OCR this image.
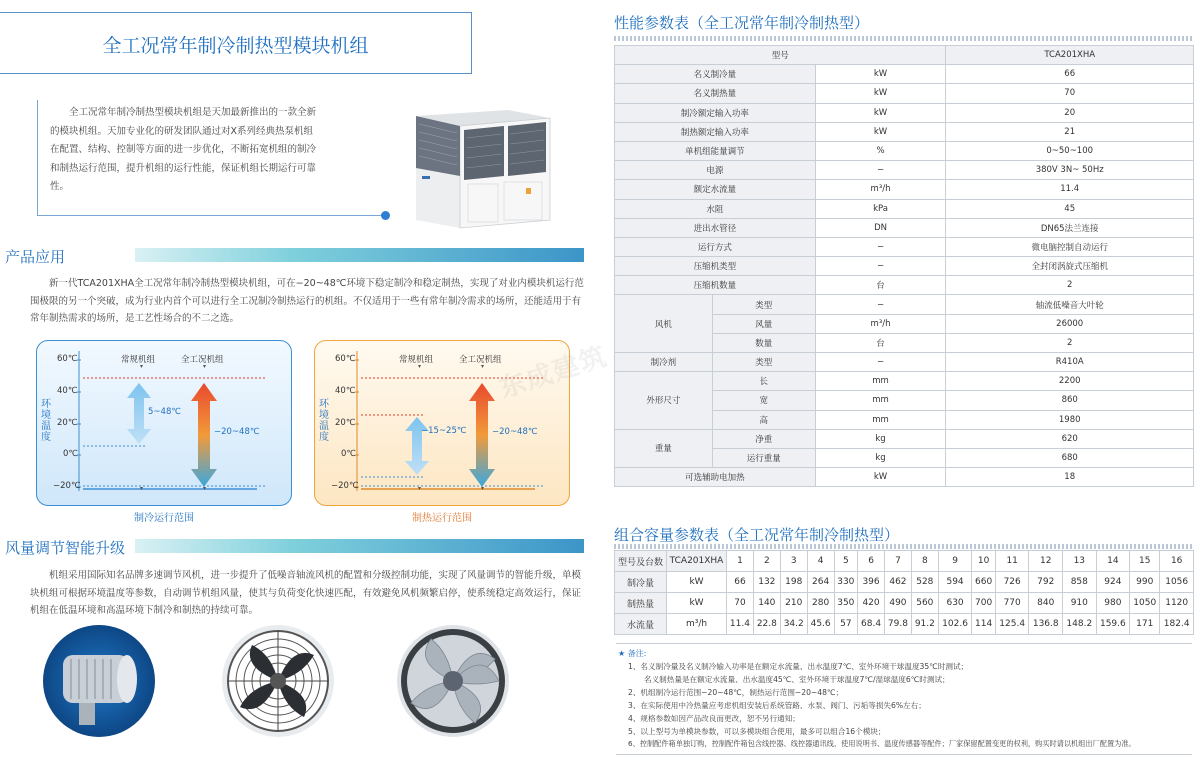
全工况常年制冷制热型模块机组
全工况常年制冷制热型模块机组是天加最新推出的一款全新的模块机组。天加专业化的研发团队通过对X系列经典热泵机组在配置、结构、控制等方面的进一步优化，不断拓宽机组的制冷和制热运行范围，提升机组的运行性能，保证机组长期运行可靠性。
产品应用
新一代TCA201XHA全工况常年制冷制热型模块机组，可在−20~48℃环境下稳定制冷和稳定制热，实现了对业内模块机运行范围极限的另一个突破，成为行业内首个可以进行全工况制冷制热运行的机组。不仅适用于一些有常年制冷需求的场所，还能适用于有常年制热需求的场所，是工艺性场合的不二之选。
60℃
40℃
20℃
0℃
−20℃
环境温度
常规机组	全工况机组
5~48℃
−20~48℃
制冷运行范围
60℃
40℃
20℃
0℃
−20℃
环境温度
常规机组	全工况机组
−15~25℃	−20~48℃
制热运行范围
风量调节智能升级
机组采用国际知名品牌多速调节风机，进一步提升了低噪音轴流风机的配置和分级控制功能，实现了风量调节的智能升级，单模块机组可根据环境温度等参数，自动调节机组风量，使其与负荷变化快速匹配，有效避免风机频繁启停，使系统稳定高效运行，保证机组在低温环境和高温环境下制冷和制热的持续可靠。
东成建筑
性能参数表（全工况常年制冷制热型）
型号			TCA201XHA
名义制冷量		kW	66
名义制热量		kW	70
制冷额定输入功率		kW	20
制热额定输入功率		kW	21
单机组能量调节		%	0~50~100
电源		−	380V 3N~ 50Hz
额定水流量		m³/h	11.4
水阻		kPa	45
进出水管径		DN	DN65法兰连接
运行方式		−	微电脑控制自动运行
压缩机类型		−	全封闭涡旋式压缩机
压缩机数量		台	2
风机	类型	−	轴流低噪音大叶轮
	风量	m³/h	26000
	数量	台	2
制冷剂	类型	−	R410A
外形尺寸	长	mm	2200
	宽	mm	860
	高	mm	1980
重量	净重	kg	620
	运行重量	kg	680
可选辅助电加热		kW	18
组合容量参数表（全工况常年制冷制热型）
型号及台数	TCA201XHA	1	2	3	4	5	6	7	8	9	10	11	12	13	14	15	16
制冷量	kW	66	132	198	264	330	396	462	528	594	660	726	792	858	924	990	1056
制热量	kW	70	140	210	280	350	420	490	560	630	700	770	840	910	980	1050	1120
水流量	m³/h	11.4	22.8	34.2	45.6	57	68.4	79.8	91.2	102.6	114	125.4	136.8	148.2	159.6	171	182.4
★ 备注:
1、名义制冷量及名义制冷输入功率是在额定水流量、出水温度7℃、室外环境干球温度35℃时测试；
名义制热量是在额定水流量、出水温度45℃、室外环境干球温度7℃/湿球温度6℃时测试；
2、机组制冷运行范围−20~48℃，制热运行范围−20~48℃；
3、在实际使用中冷热量应考虑机组安装后系统管路、水泵、阀门、污垢等损失6%左右；
4、规格参数如因产品改良而更改，恕不另行通知；
5、以上型号为单模块参数，可以多模块组合使用，最多可以组合16个模块；
6、控制配件箱单独订购，控制配件箱包含线控器、线控器通讯线、使用说明书、温度传感器等配件；厂家保留配置变更的权利，购买时请以机组出厂配置为准。
